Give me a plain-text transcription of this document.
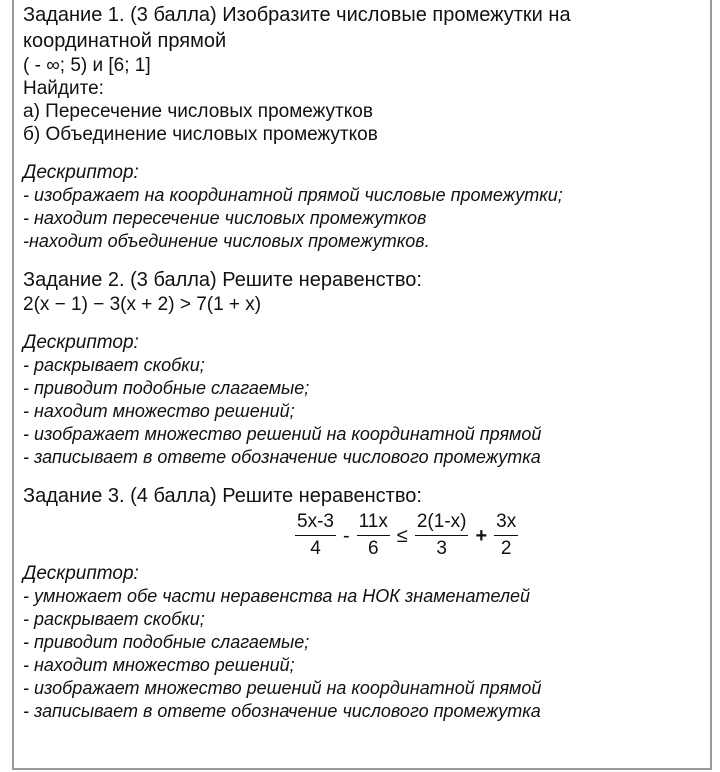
Задание 1. (3 балла) Изобразите числовые промежутки на
координатной прямой
( - ∞; 5) и [6; 1]
Найдите:
а) Пересечение числовых промежутков
б) Объединение числовых промежутков
Дескриптор:
- изображает на координатной прямой числовые промежутки;
- находит пересечение числовых промежутков
-находит объединение числовых промежутков.
Задание 2. (3 балла) Решите неравенство:
2(x − 1) − 3(x + 2) > 7(1 + x)
Дескриптор:
- раскрывает скобки;
- приводит подобные слагаемые;
- находит множество решений;
- изображает множество решений на координатной прямой
- записывает в ответе обозначение числового промежутка
Задание 3. (4 балла) Решите неравенство:
$\frac{5x-3}{4} - \frac{11x}{6} \le \frac{2(1-x)}{3} + \frac{3x}{2}$
Дескриптор:
- умножает обе части неравенства на НОК знаменателей
- раскрывает скобки;
- приводит подобные слагаемые;
- находит множество решений;
- изображает множество решений на координатной прямой
- записывает в ответе обозначение числового промежутка
